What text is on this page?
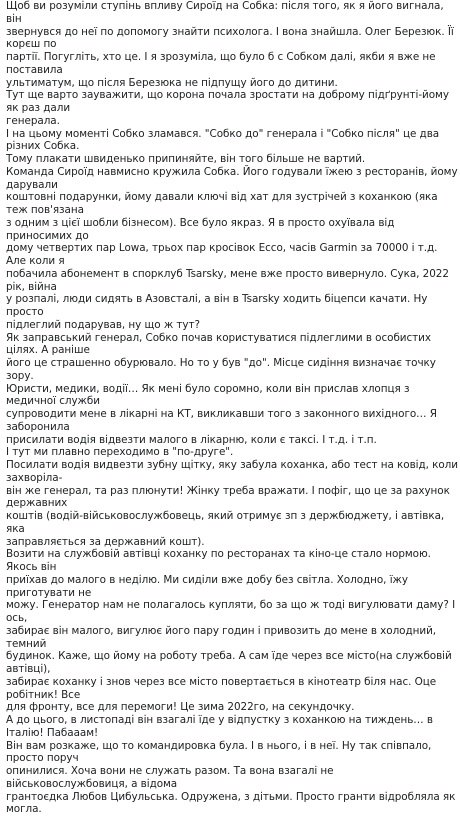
Щоб ви розуміли ступінь впливу Сироїд на Собка: після того, як я його вигнала, він
звернувся до неї по допомогу знайти психолога. І вона знайшла. Олег Березюк. Її корєш по
партії. Погугліть, хто це. І я зрозуміла, що було б с Собком далі, якби я вже не поставила
ультиматум, що після Березюка не підпущу його до дитини.

Тут ще варто зауважити, що корона почала зростати на доброму підґрунті-йому як раз дали
генерала.

І на цьому моменті Собко зламався. "Собко до" генерала і "Собко після" це два різних Собка.
Тому плакати швиденько припиняйте, він того більше не вартий.

Команда Сироїд навмисно кружила Собка. Його годували їжею з ресторанів, йому дарували
коштовні подарунки, йому давали ключі від хат для зустрічей з коханкою (яка теж пов'язана
з одним з цієї шобли бізнесом). Все було якраз. Я в просто охуївала від приносимих до
дому четвертих пар Lowa, трьох пар кросівок Ecco, часів Garmin за 70000 і т.д. Але коли я
побачила абонемент в спорклуб Tsarsky, мене вже просто вивернуло. Сука, 2022 рік, війна
у розпалі, люди сидять в Азовсталі, а він в Tsarsky ходить біцепси качати. Ну просто
підлеглий подарував, ну що ж тут?

Як заправський генерал, Собко почав користуватися підлеглими в особистих цілях. А раніше
його це страшенно обурювало. Но то у був "до". Місце сидіння визначає точку зору.
Юристи, медики, водії… Як мені було соромно, коли він прислав хлопця з медичної служби
супроводити мене в лікарні на КТ, викликавши того з законного вихідного… Я заборонила
присилати водія відвезти малого в лікарню, коли є таксі. І т.д. і т.п.

І тут ми плавно переходимо в "по-друге".

Посилати водія видвезти зубну щітку, яку забула коханка, або тест на ковід, коли захворіла-
він же генерал, та раз плюнути! Жінку треба вражати. І пофіг, що це за рахунок державних
коштів (водій-військовослужбовець, який отримує зп з держбюджету, і автівка, яка
заправляється за державний кошт).

Возити на службовій автівці коханку по ресторанах та кіно-це стало нормою. Якось він
приїхав до малого в неділю. Ми сиділи вже добу без світла. Холодно, їжу приготувати не
можу. Генератор нам не полагалось купляти, бо за що ж тоді вигулювати даму? І ось,
забирає він малого, вигулює його пару годин і привозить до мене в холодний, темний
будинок. Каже, що йому на роботу треба. А сам їде через все місто(на службовій автівці),
забирає коханку і знов через все місто повертається в кінотеатр біля нас. Оце робітник! Все
для фронту, все для перемоги! Це зима 2022го, на секундочку.

А до цього, в листопаді він взагалі їде у відпустку з коханкою на тиждень… в Італію! Пабааам!
Він вам розкаже, що то командировка була. І в нього, і в неї. Ну так співпало, просто поруч
опинилися. Хоча вони не служать разом. Та вона взагалі не військовослужбовиця, а відома
грантоєдка Любов Цибульська. Одружена, з дітьми. Просто гранти відробляла як могла.
